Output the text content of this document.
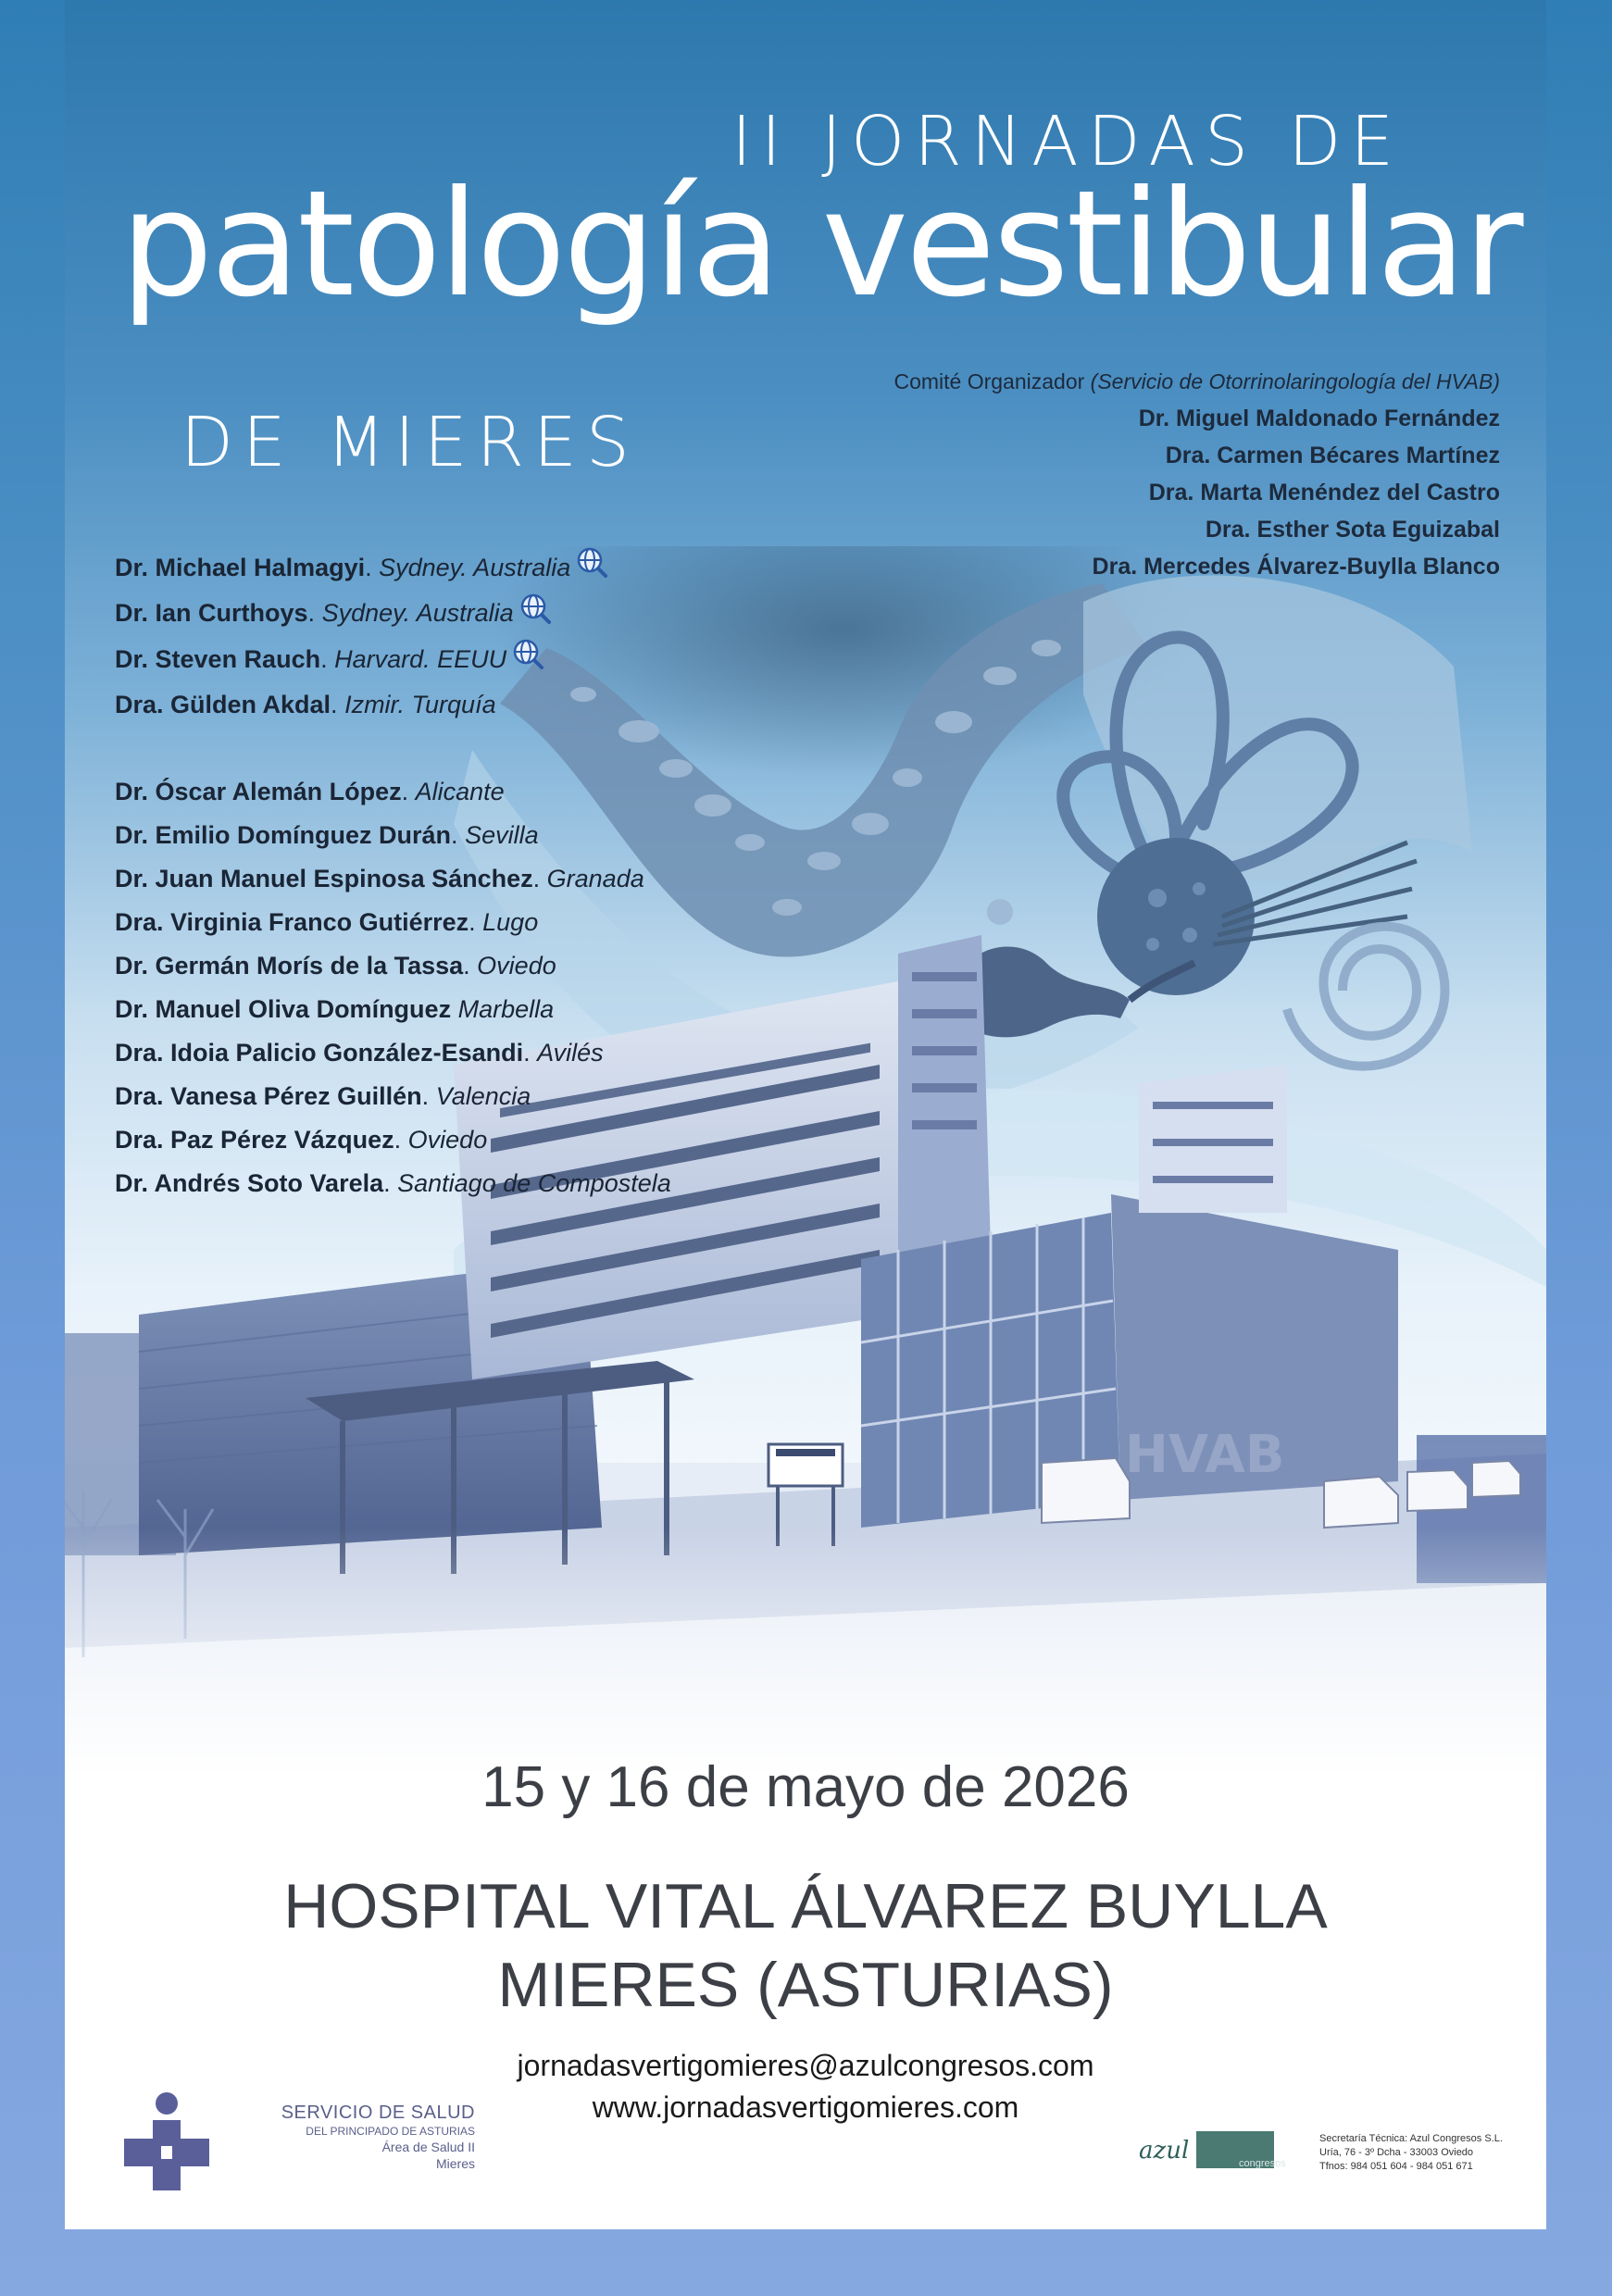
HVAB
II JORNADAS DE
patología vestibular
DE MIERES
Comité Organizador (Servicio de Otorrinolaringología del HVAB)
Dr. Miguel Maldonado Fernández
Dra. Carmen Bécares Martínez
Dra. Marta Menéndez del Castro
Dra. Esther Sota Eguizabal
Dra. Mercedes Álvarez-Buylla Blanco
Dr. Michael Halmagyi. Sydney. Australia
Dr. Ian Curthoys. Sydney. Australia
Dr. Steven Rauch. Harvard. EEUU
Dra. Gülden Akdal. Izmir. Turquía
Dr. Óscar Alemán López. Alicante
Dr. Emilio Domínguez Durán. Sevilla
Dr. Juan Manuel Espinosa Sánchez. Granada
Dra. Virginia Franco Gutiérrez. Lugo
Dr. Germán Morís de la Tassa. Oviedo
Dr. Manuel Oliva Domínguez Marbella
Dra. Idoia Palicio González-Esandi. Avilés
Dra. Vanesa Pérez Guillén. Valencia
Dra. Paz Pérez Vázquez. Oviedo
Dr. Andrés Soto Varela. Santiago de Compostela
15 y 16 de mayo de 2026
HOSPITAL VITAL ÁLVAREZ BUYLLA
MIERES (ASTURIAS)
jornadasvertigomieres@azulcongresos.com
www.jornadasvertigomieres.com
SERVICIO DE SALUD
DEL PRINCIPADO DE ASTURIAS
Área de Salud II
Mieres	azul	congresos
Secretaría Técnica: Azul Congresos S.L.
Uría, 76 - 3º Dcha - 33003 Oviedo
Tfnos: 984 051 604 - 984 051 671
